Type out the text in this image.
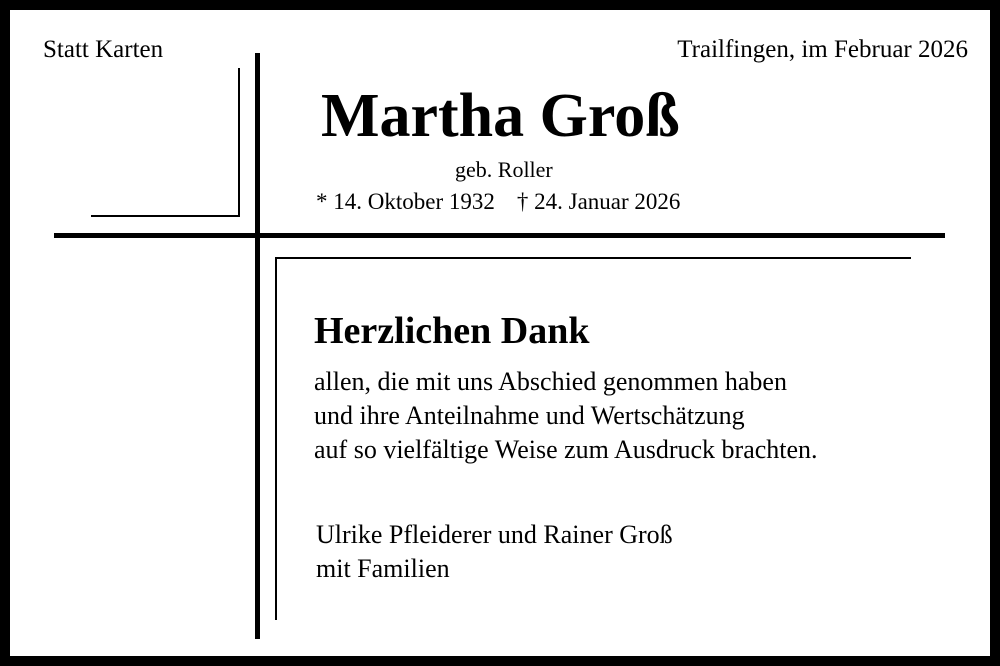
Statt Karten	Trailfingen, im Februar 2026
Martha Groß
geb. Roller
* 14. Oktober 1932 † 24. Januar 2026
Herzlichen Dank
allen, die mit uns Abschied genommen haben
und ihre Anteilnahme und Wertschätzung
auf so vielfältige Weise zum Ausdruck brachten.
Ulrike Pfleiderer und Rainer Groß
mit Familien
